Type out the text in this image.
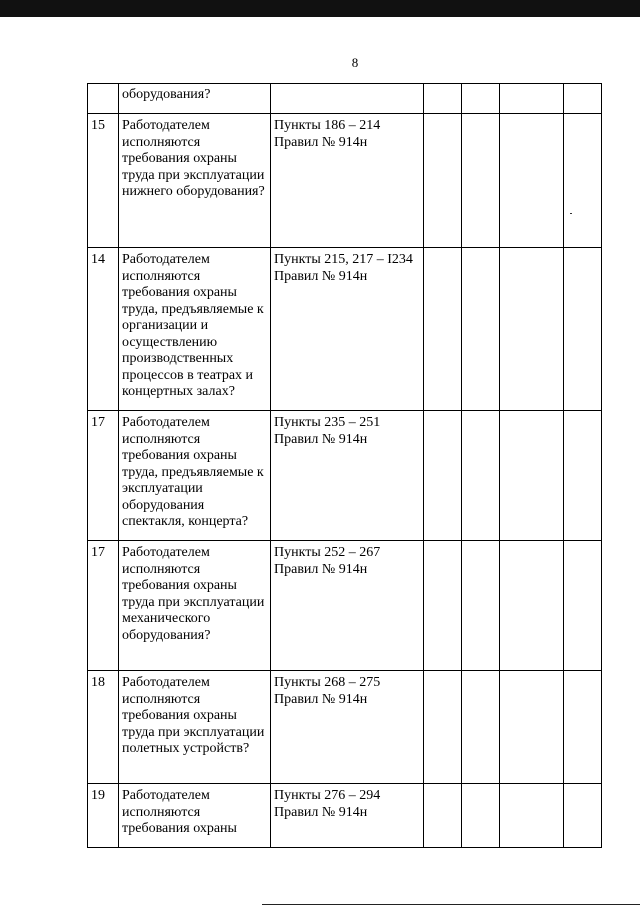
8
	оборудования?					
15	Работодателем исполняются требования охраны труда при эксплуатации нижнего оборудования?	Пункты 186 – 214 Правил № 914н				
14	Работодателем исполняются требования охраны труда, предъявляемые к организации и осуществлению производственных процессов в театрах и концертных залах?	Пункты 215, 217 – І234 Правил № 914н				
17	Работодателем исполняются требования охраны труда, предъявляемые к эксплуатации оборудования спектакля, концерта?	Пункты 235 – 251 Правил № 914н				
17	Работодателем исполняются требования охраны труда при эксплуатации механического оборудования?	Пункты 252 – 267 Правил № 914н				
18	Работодателем исполняются требования охраны труда при эксплуатации полетных устройств?	Пункты 268 – 275 Правил № 914н				
19	Работодателем исполняются требования охраны	Пункты 276 – 294 Правил № 914н				
